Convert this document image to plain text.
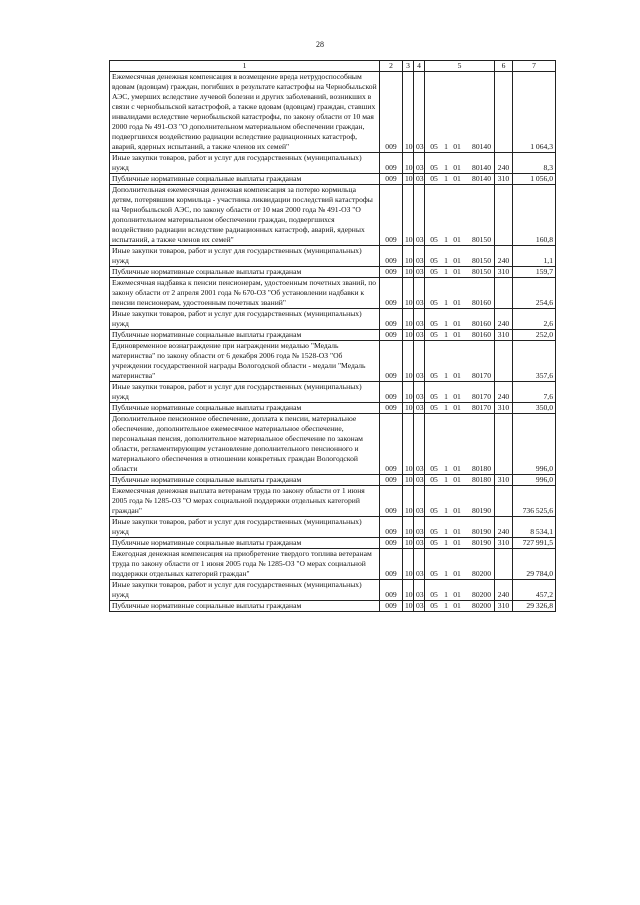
28
1	2	3	4	5	6	7
Ежемесячная денежная компенсация в возмещение вреда нетрудоспособным вдовам (вдовцам) граждан, погибших в результате катастрофы на Чернобыльской АЭС, умерших вследствие лучевой болезни и других заболеваний, возникших в связи с чернобыльской катастрофой, а также вдовам (вдовцам) граждан, ставших инвалидами вследствие чернобыльской катастрофы, по закону области от 10 мая 2000 года № 491-ОЗ "О дополнительном материальном обеспечении граждан, подвергшихся воздействию радиации вследствие радиационных катастроф, аварий, ядерных испытаний, а также членов их семей"	009	10	03	05 1 01 80140		1 064,3
Иные закупки товаров, работ и услуг для государственных (муниципальных) нужд	009	10	03	05 1 01 80140	240	8,3
Публичные нормативные социальные выплаты гражданам	009	10	03	05 1 01 80140	310	1 056,0
Дополнительная ежемесячная денежная компенсация за потерю кормильца детям, потерявшим кормильца - участника ликвидации последствий катастрофы на Чернобыльской АЭС, по закону области от 10 мая 2000 года № 491-ОЗ "О дополнительном материальном обеспечении граждан, подвергшихся воздействию радиации вследствие радиационных катастроф, аварий, ядерных испытаний, а также членов их семей"	009	10	03	05 1 01 80150		160,8
Иные закупки товаров, работ и услуг для государственных (муниципальных) нужд	009	10	03	05 1 01 80150	240	1,1
Публичные нормативные социальные выплаты гражданам	009	10	03	05 1 01 80150	310	159,7
Ежемесячная надбавка к пенсии пенсионерам, удостоенным почетных званий, по закону области от 2 апреля 2001 года № 670-ОЗ "Об установлении надбавки к пенсии пенсионерам, удостоенным почетных званий"	009	10	03	05 1 01 80160		254,6
Иные закупки товаров, работ и услуг для государственных (муниципальных) нужд	009	10	03	05 1 01 80160	240	2,6
Публичные нормативные социальные выплаты гражданам	009	10	03	05 1 01 80160	310	252,0
Единовременное вознаграждение при награждении медалью "Медаль материнства" по закону области от 6 декабря 2006 года № 1528-ОЗ "Об учреждении государственной награды Вологодской области - медали "Медаль материнства"	009	10	03	05 1 01 80170		357,6
Иные закупки товаров, работ и услуг для государственных (муниципальных) нужд	009	10	03	05 1 01 80170	240	7,6
Публичные нормативные социальные выплаты гражданам	009	10	03	05 1 01 80170	310	350,0
Дополнительное пенсионное обеспечение, доплата к пенсии, материальное обеспечение, дополнительное ежемесячное материальное обеспечение, персональная пенсия, дополнительное материальное обеспечение по законам области, регламентирующим установление дополнительного пенсионного и материального обеспечения в отношении конкретных граждан Вологодской области	009	10	03	05 1 01 80180		996,0
Публичные нормативные социальные выплаты гражданам	009	10	03	05 1 01 80180	310	996,0
Ежемесячная денежная выплата ветеранам труда по закону области от 1 июня 2005 года № 1285-ОЗ "О мерах социальной поддержки отдельных категорий граждан"	009	10	03	05 1 01 80190		736 525,6
Иные закупки товаров, работ и услуг для государственных (муниципальных) нужд	009	10	03	05 1 01 80190	240	8 534,1
Публичные нормативные социальные выплаты гражданам	009	10	03	05 1 01 80190	310	727 991,5
Ежегодная денежная компенсация на приобретение твердого топлива ветеранам труда по закону области от 1 июня 2005 года № 1285-ОЗ "О мерах социальной поддержки отдельных категорий граждан"	009	10	03	05 1 01 80200		29 784,0
Иные закупки товаров, работ и услуг для государственных (муниципальных) нужд	009	10	03	05 1 01 80200	240	457,2
Публичные нормативные социальные выплаты гражданам	009	10	03	05 1 01 80200	310	29 326,8
